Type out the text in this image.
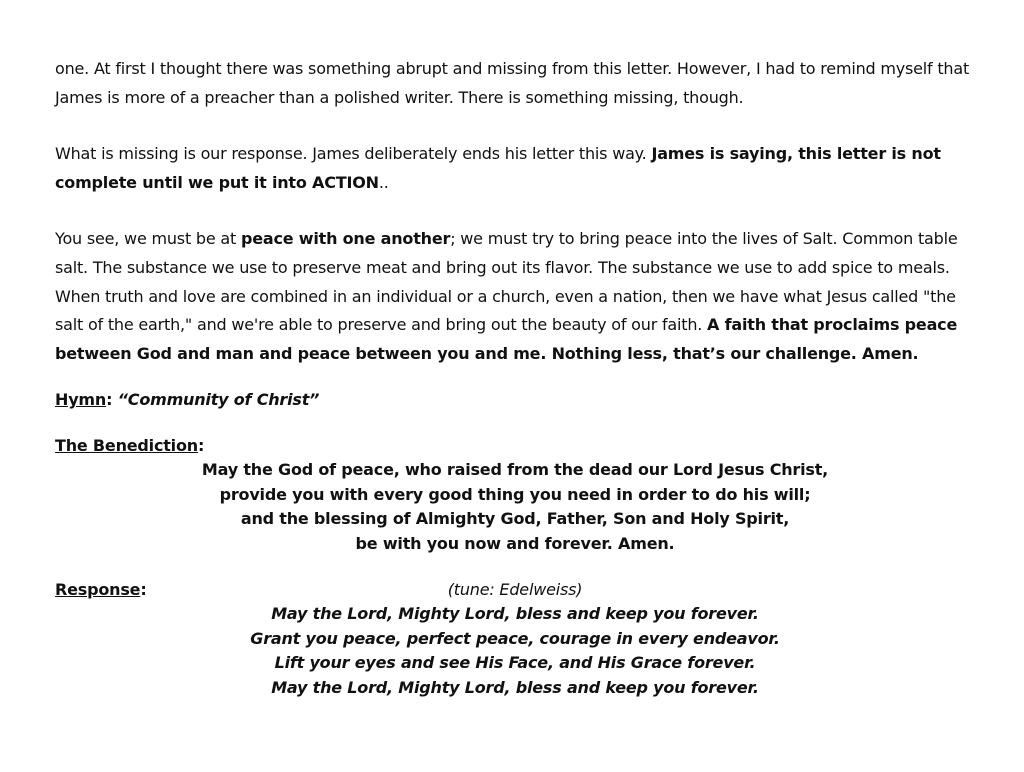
one. At first I thought there was something abrupt and missing from this letter. However, I had to remind myself that James is more of a preacher than a polished writer. There is something missing, though.

What is missing is our response. James deliberately ends his letter this way. James is saying, this letter is not complete until we put it into ACTION..

You see, we must be at peace with one another; we must try to bring peace into the lives of Salt. Common table salt. The substance we use to preserve meat and bring out its flavor. The substance we use to add spice to meals. When truth and love are combined in an individual or a church, even a nation, then we have what Jesus called "the salt of the earth," and we're able to preserve and bring out the beauty of our faith. A faith that proclaims peace between God and man and peace between you and me. Nothing less, that’s our challenge. Amen.

Hymn: “Community of Christ”

The Benediction:

May the God of peace, who raised from the dead our Lord Jesus Christ,
provide you with every good thing you need in order to do his will;
and the blessing of Almighty God, Father, Son and Holy Spirit,
be with you now and forever. Amen.
Response:	(tune: Edelweiss)
May the Lord, Mighty Lord, bless and keep you forever.
Grant you peace, perfect peace, courage in every endeavor.
Lift your eyes and see His Face, and His Grace forever.
May the Lord, Mighty Lord, bless and keep you forever.
